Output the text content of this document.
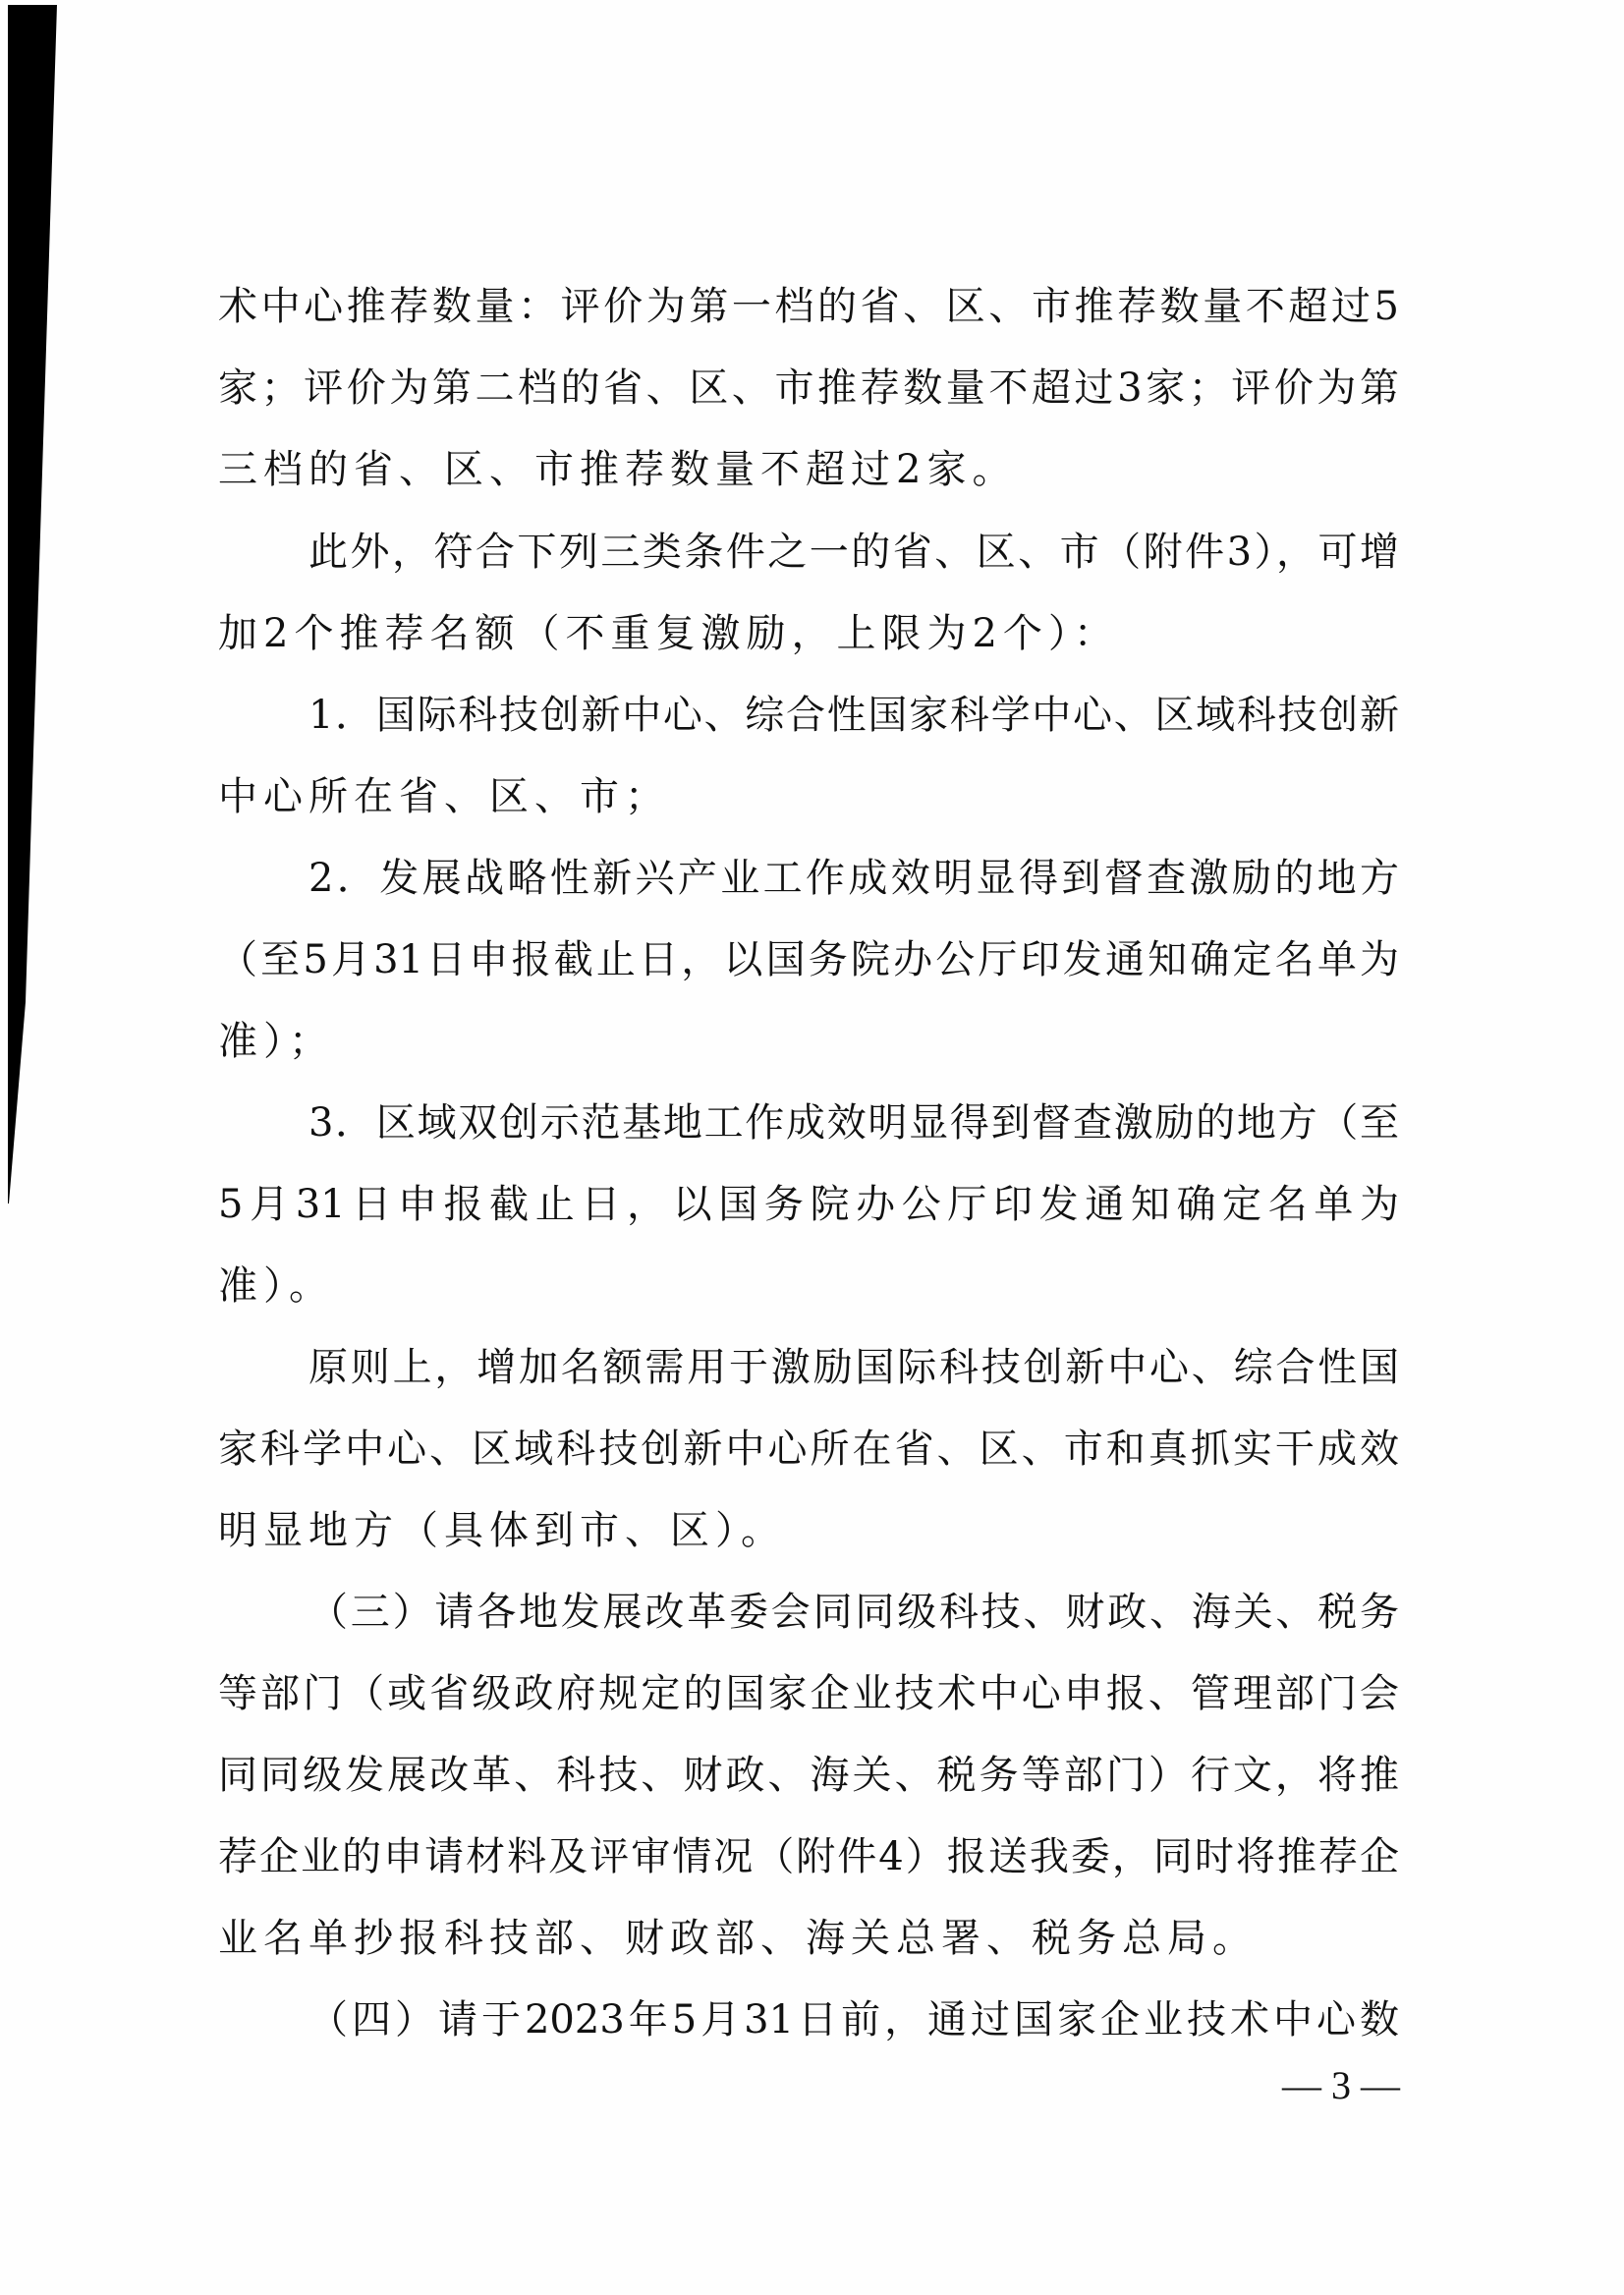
术中心推荐数量：评价为第一档的省、区、市推荐数量不超过5
家；评价为第二档的省、区、市推荐数量不超过3家；评价为第
三档的省、区、市推荐数量不超过2家。
此外，符合下列三类条件之一的省、区、市（附件3），可增
加2个推荐名额（不重复激励，上限为2个）：
1．国际科技创新中心、综合性国家科学中心、区域科技创新
中心所在省、区、市；
2．发展战略性新兴产业工作成效明显得到督查激励的地方
（至5月31日申报截止日，以国务院办公厅印发通知确定名单为
准）；
3．区域双创示范基地工作成效明显得到督查激励的地方（至
5月31日申报截止日，以国务院办公厅印发通知确定名单为
准）。
原则上，增加名额需用于激励国际科技创新中心、综合性国
家科学中心、区域科技创新中心所在省、区、市和真抓实干成效
明显地方（具体到市、区）。
（三）请各地发展改革委会同同级科技、财政、海关、税务
等部门（或省级政府规定的国家企业技术中心申报、管理部门会
同同级发展改革、科技、财政、海关、税务等部门）行文，将推
荐企业的申请材料及评审情况（附件4）报送我委，同时将推荐企
业名单抄报科技部、财政部、海关总署、税务总局。
（四）请于2023年5月31日前，通过国家企业技术中心数
— 3 —
